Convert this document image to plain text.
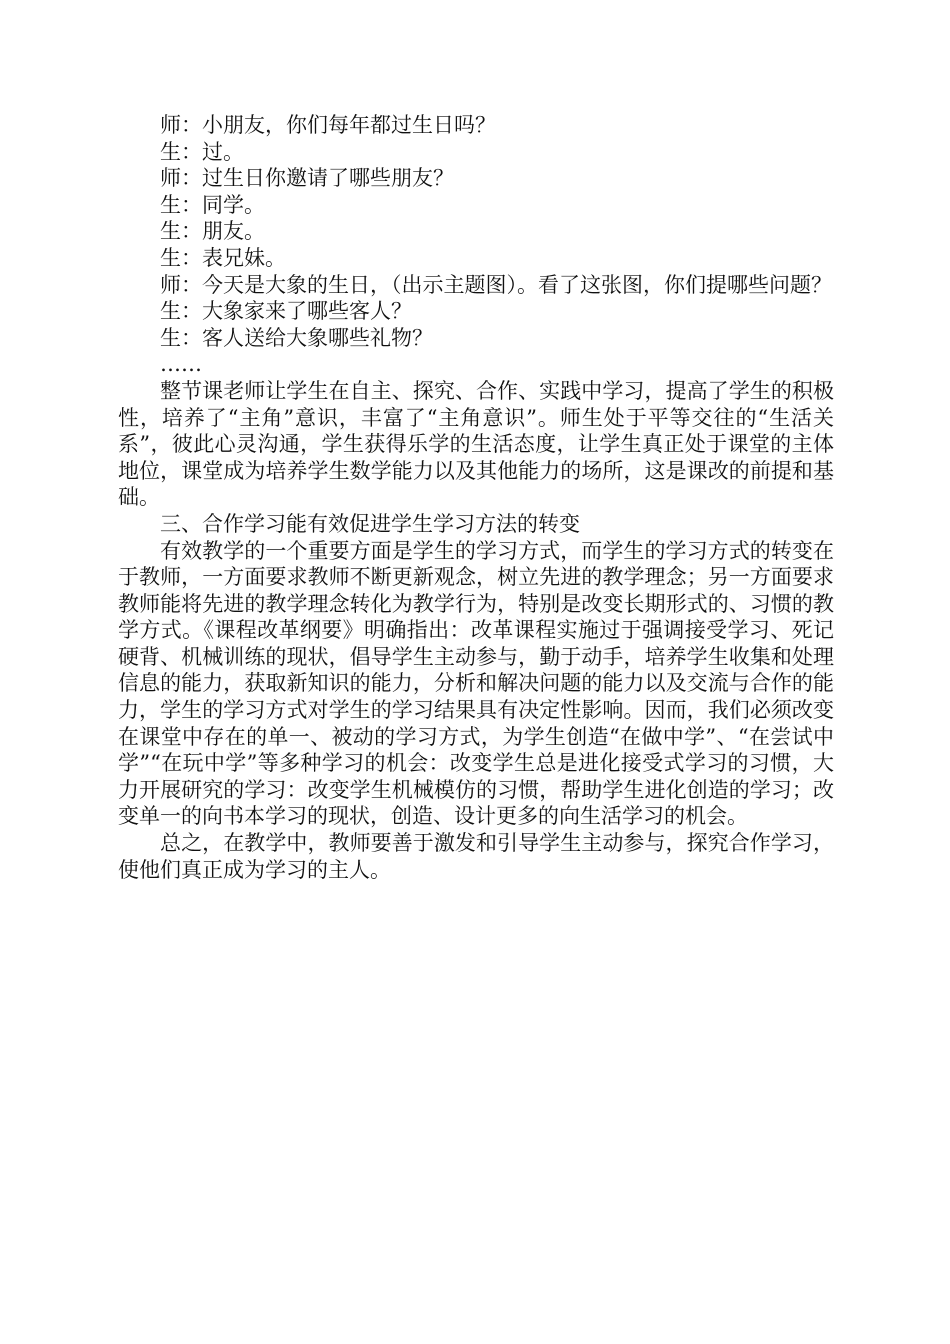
师：小朋友，你们每年都过生日吗？

生：过。

师：过生日你邀请了哪些朋友？

生：同学。

生：朋友。

生：表兄妹。

师：今天是大象的生日，（出示主题图）。看了这张图，你们提哪些问题？

生：大象家来了哪些客人？

生：客人送给大象哪些礼物？

……

整节课老师让学生在自主、探究、合作、实践中学习，提高了学生的积极性，培养了“主角”意识，丰富了“主角意识”。师生处于平等交往的“生活关系”，彼此心灵沟通，学生获得乐学的生活态度，让学生真正处于课堂的主体地位，课堂成为培养学生数学能力以及其他能力的场所，这是课改的前提和基础。

三、合作学习能有效促进学生学习方法的转变

有效教学的一个重要方面是学生的学习方式，而学生的学习方式的转变在于教师，一方面要求教师不断更新观念，树立先进的教学理念；另一方面要求教师能将先进的教学理念转化为教学行为，特别是改变长期形式的、习惯的教学方式。《课程改革纲要》明确指出：改革课程实施过于强调接受学习、死记硬背、机械训练的现状，倡导学生主动参与，勤于动手，培养学生收集和处理信息的能力，获取新知识的能力，分析和解决问题的能力以及交流与合作的能力，学生的学习方式对学生的学习结果具有决定性影响。因而，我们必须改变在课堂中存在的单一、被动的学习方式，为学生创造“在做中学”、“在尝试中学”“在玩中学”等多种学习的机会：改变学生总是进化接受式学习的习惯，大力开展研究的学习：改变学生机械模仿的习惯，帮助学生进化创造的学习；改变单一的向书本学习的现状，创造、设计更多的向生活学习的机会。

总之，在教学中，教师要善于激发和引导学生主动参与，探究合作学习，使他们真正成为学习的主人。
